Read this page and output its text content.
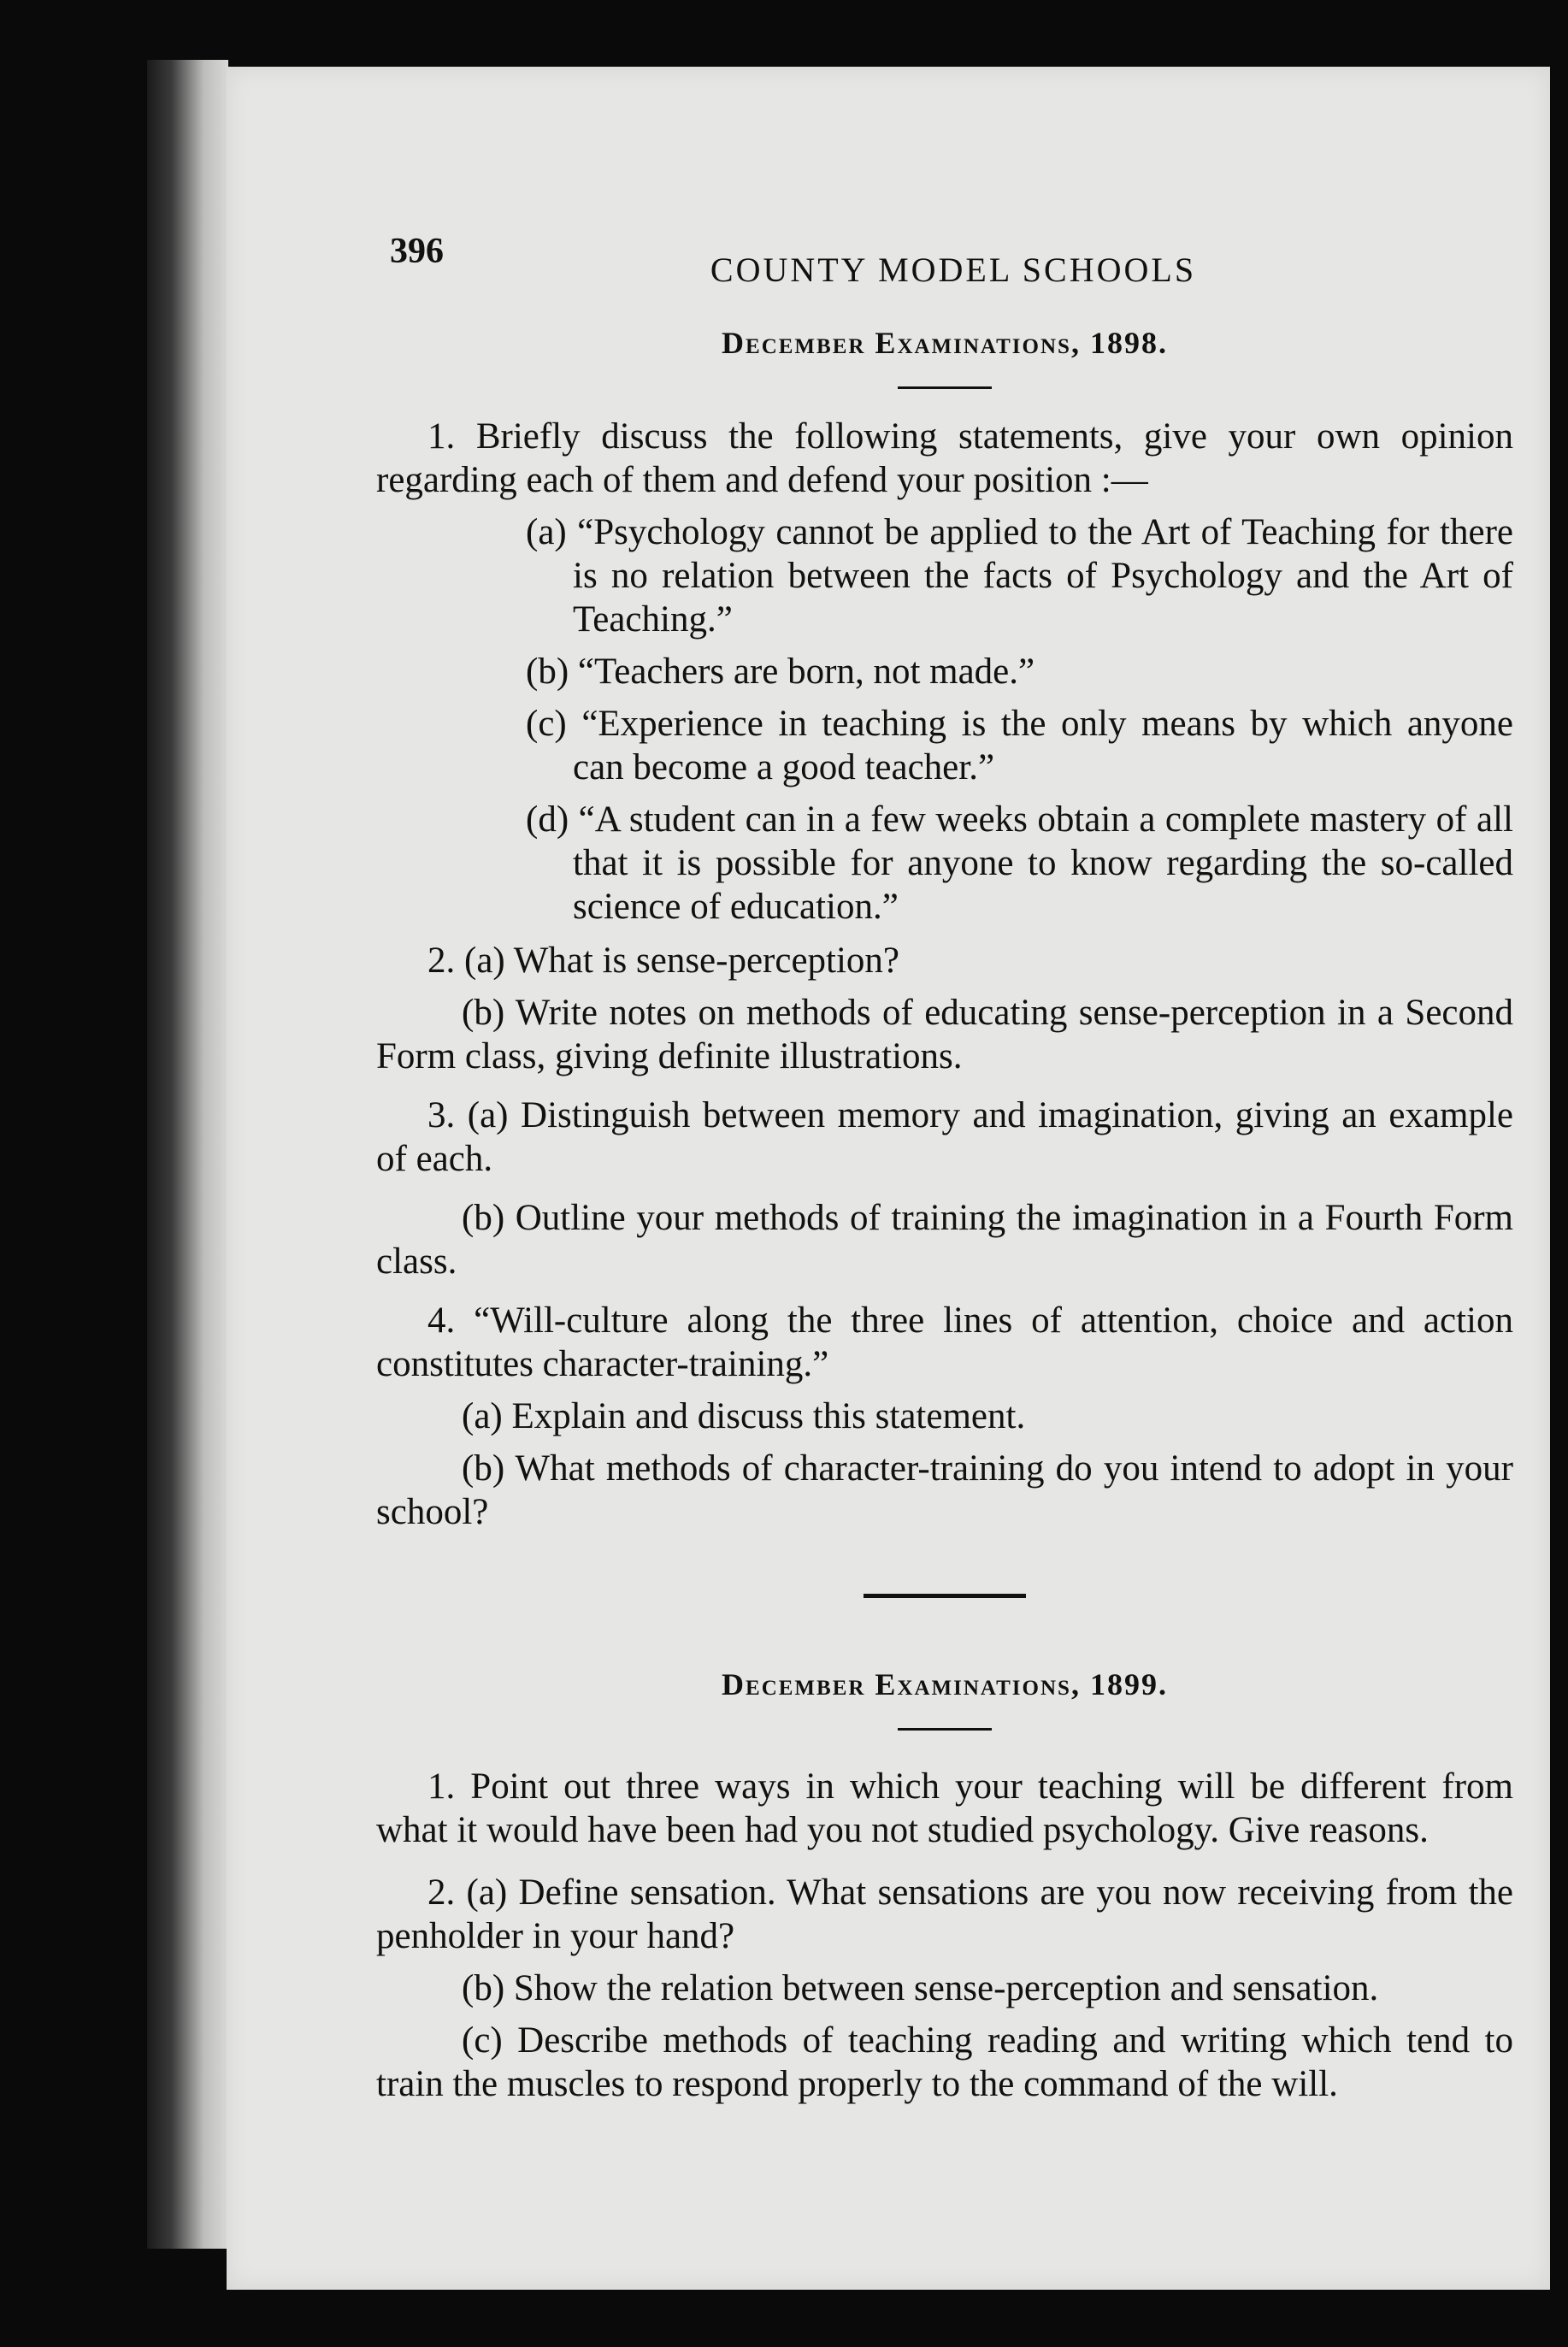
396	COUNTY MODEL SCHOOLS
December Examinations, 1898.

1. Briefly discuss the following statements, give your own opinion regarding each of them and defend your position :—

(a) “Psychology cannot be applied to the Art of Teaching for there is no relation between the facts of Psychology and the Art of Teaching.”

(b) “Teachers are born, not made.”

(c) “Experience in teaching is the only means by which anyone can become a good teacher.”

(d) “A student can in a few weeks obtain a complete mastery of all that it is possible for anyone to know regarding the so-called science of education.”

2. (a) What is sense-perception?

(b) Write notes on methods of educating sense-perception in a Second Form class, giving definite illustrations.

3. (a) Distinguish between memory and imagination, giving an example of each.

(b) Outline your methods of training the imagination in a Fourth Form class.

4. “Will-culture along the three lines of attention, choice and action constitutes character-training.”

(a) Explain and discuss this statement.

(b) What methods of character-training do you intend to adopt in your school?

December Examinations, 1899.

1. Point out three ways in which your teaching will be different from what it would have been had you not studied psychology. Give reasons.

2. (a) Define sensation. What sensations are you now receiving from the penholder in your hand?

(b) Show the relation between sense-perception and sensation.

(c) Describe methods of teaching reading and writing which tend to train the muscles to respond properly to the command of the will.
